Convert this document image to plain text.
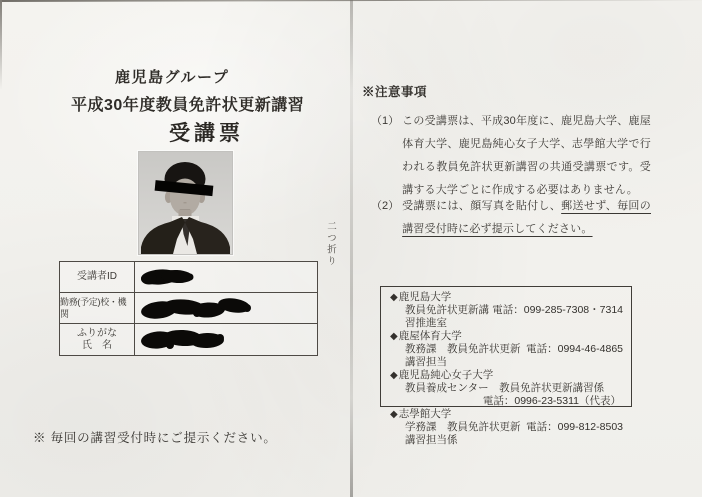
二つ折り
鹿児島グループ
平成30年度教員免許状更新講習
受講票
受講者ID
勤務(予定)校・機関
ふりがな
氏　名

※ 毎回の講習受付時にご提示ください。

※注意事項
（1） この受講票は、平成30年度に、鹿児島大学、鹿屋体育大学、鹿児島純心女子大学、志學館大学で行われる教員免許状更新講習の共通受講票です。受講する大学ごとに作成する必要はありません。

（2） 受講票には、顔写真を貼付し、郵送せず、毎回の講習受付時に必ず提示してください。

◆ 鹿児島大学
教員免許状更新講習推進室
電話：099-285-7308・7314
◆ 鹿屋体育大学
教務課　教員免許状更新講習担当
電話：0994-46-4865
◆ 鹿児島純心女子大学
教員養成センター　教員免許状更新講習係
電話：0996-23-5311（代表）
◆ 志學館大学
学務課　教員免許状更新講習担当係
電話：099-812-8503
